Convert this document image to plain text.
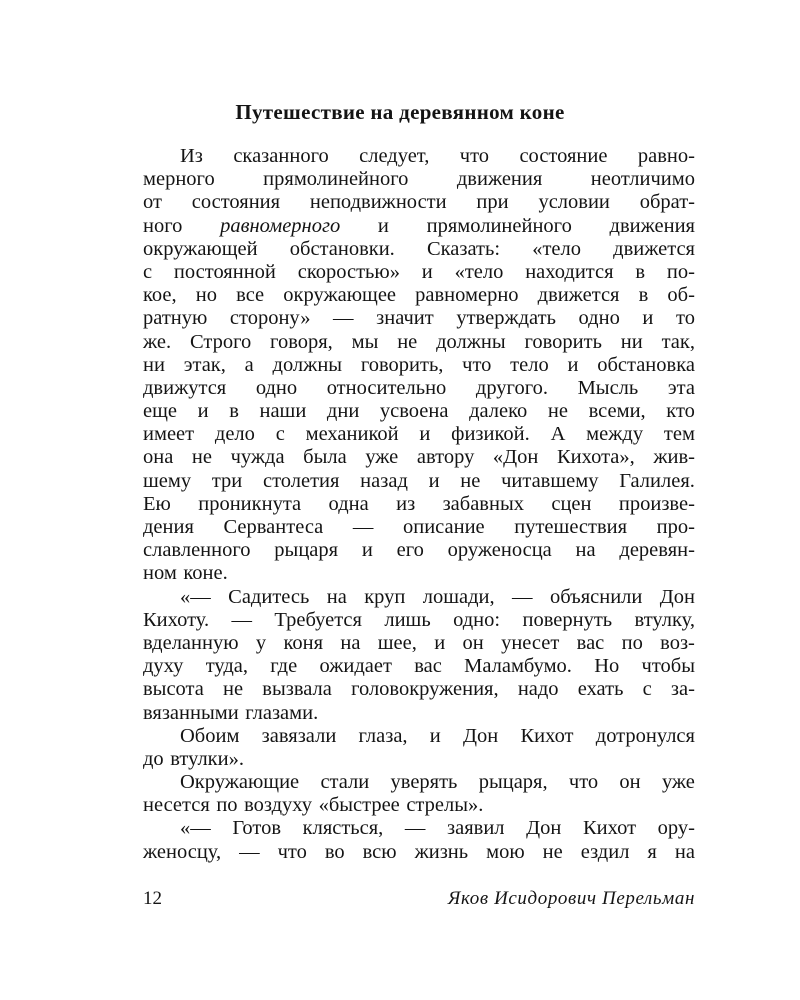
Путешествие на деревянном коне
Из сказанного следует, что состояние равно-
мерного прямолинейного движения неотличимо
от состояния неподвижности при условии обрат-
ного равномерного и прямолинейного движения
окружающей обстановки. Сказать: «тело движется
с постоянной скоростью» и «тело находится в по-
кое, но все окружающее равномерно движется в об-
ратную сторону» — значит утверждать одно и то
же. Строго говоря, мы не должны говорить ни так,
ни этак, а должны говорить, что тело и обстановка
движутся одно относительно другого. Мысль эта
еще и в наши дни усвоена далеко не всеми, кто
имеет дело с механикой и физикой. А между тем
она не чужда была уже автору «Дон Кихота», жив-
шему три столетия назад и не читавшему Галилея.
Ею проникнута одна из забавных сцен произве-
дения Сервантеса — описание путешествия про-
славленного рыцаря и его оруженосца на деревян-
ном коне.
«— Садитесь на круп лошади, — объяснили Дон
Кихоту. — Требуется лишь одно: повернуть втулку,
вделанную у коня на шее, и он унесет вас по воз-
духу туда, где ожидает вас Маламбумо. Но чтобы
высота не вызвала головокружения, надо ехать с за-
вязанными глазами.
Обоим завязали глаза, и Дон Кихот дотронулся
до втулки».
Окружающие стали уверять рыцаря, что он уже
несется по воздуху «быстрее стрелы».
«— Готов клясться, — заявил Дон Кихот ору-
женосцу, — что во всю жизнь мою не ездил я на
12	Яков Исидорович Перельман
